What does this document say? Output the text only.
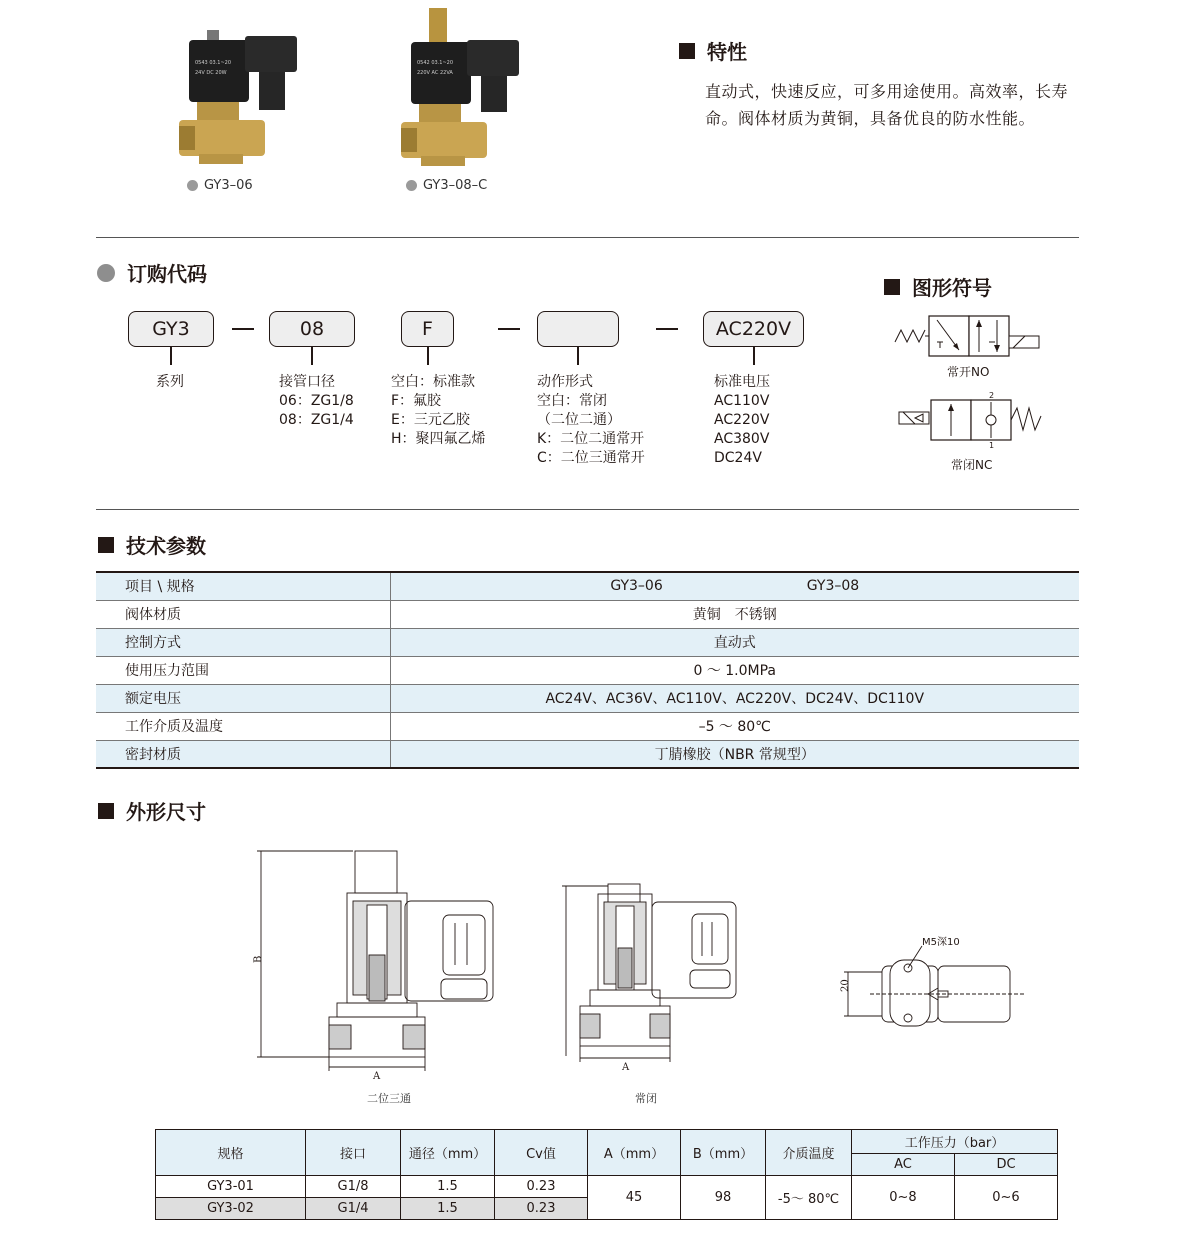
0543 03.1~20
24V DC 20W
GY3–06
0542 03.1~20
220V AC 22VA
GY3–08–C
特性
直动式，快速反应，可多用途使用。高效率，长寿命。阀体材质为黄铜，具备优良的防水性能。
订购代码
GY3	08	F	AC220V
系列	接管口径
06：ZG1/8
08：ZG1/4
空白：标准款
F：氟胶
E：三元乙胶
H：聚四氟乙烯
动作形式
空白：常闭
（二位二通）
K：二位二通常开
C：二位三通常开
标准电压
AC110V
AC220V
AC380V
DC24V
图形符号
常开NO
2
1
常闭NC
技术参数
项目 \ 规格	GY3–06 GY3–08

阀体材质	黄铜　不锈钢
控制方式	直动式
使用压力范围	0 ～ 1.0MPa
额定电压	AC24V、AC36V、AC110V、AC220V、DC24V、DC110V
工作介质及温度	–5 ～ 80℃
密封材质	丁腈橡胶（NBR 常规型）
外形尺寸
B
A
二位三通
A
常闭
M5深10
20
规格	接口	通径（mm）	Cv值	A（mm）	B（mm）	介质温度	工作压力（bar）	
							AC	DC
GY3-01	G1/8	1.5	0.23	45	98	-5～ 80℃	0~8	0~6
GY3-02	G1/4	1.5	0.23					
